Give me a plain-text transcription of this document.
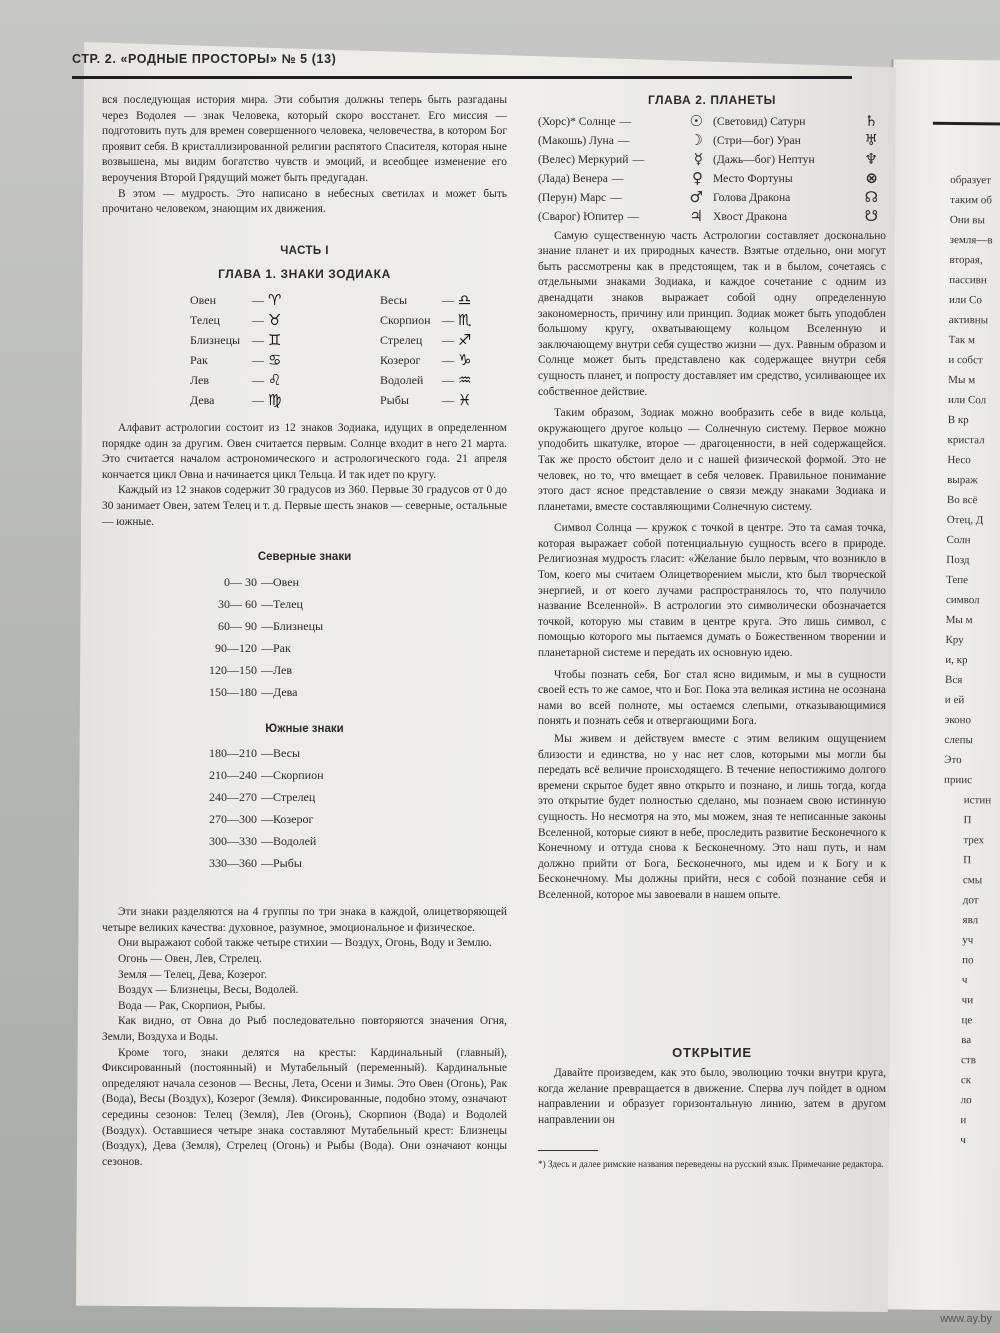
образует
таким об
Они вы
земля—в
вторая,
пассивн
или Со
активны
Так м
и собст
Мы м
или Сол
В кр
кристал
Несо
выраж
Во всё
Отец, Д
Солн
Позд
Тепе
символ
Мы м
Кру
и, кр
Вся
и ей
эконо
слепы
Это
приис
истин
П
трех
П
смы
дот
явл
уч
по
ч
чи
це
ва
ств
ск
ло
и
ч
СТР. 2. «РОДНЫЕ ПРОСТОРЫ» № 5 (13)

вся последующая история мира. Эти события должны теперь быть разгаданы через Водолея — знак Человека, который скоро восстанет. Его миссия — подготовить путь для времен совершенного человека, человечества, в котором Бог проявит себя. В кристаллизированной религии распятого Спасителя, которая ныне возвышена, мы видим богатство чувств и эмоций, и всеобщее изменение его вероучения Второй Грядущий может быть предугадан.

В этом — мудрость. Это написано в небесных светилах и может быть прочитано человеком, знающим их движения.

ЧАСТЬ I
ГЛАВА 1. ЗНАКИ ЗОДИАКА
Овен	— ♈	Весы	— ♎
Телец	— ♉	Скорпион — ♏
Близнецы — ♊	Стрелец	— ♐
Рак	— ♋	Козерог	— ♑
Лев	— ♌	Водолей	— ♒
Дева	— ♍	Рыбы	— ♓

Алфавит астрологии состоит из 12 знаков Зодиака, идущих в определенном порядке один за другим. Овен считается первым. Солнце входит в него 21 марта. Это считается началом астрономического и астрологического года. 21 апреля кончается цикл Овна и начинается цикл Тельца. И так идет по кругу.

Каждый из 12 знаков содержит 30 градусов из 360. Первые 30 градусов от 0 до 30 занимает Овен, затем Телец и т. д. Первые шесть знаков — северные, остальные — южные.

Северные знаки
0— 30 — Овен
30— 60 — Телец
60— 90 — Близнецы
90—120 — Рак
120—150 — Лев
150—180 — Дева
Южные знаки
180—210 — Весы
210—240 — Скорпион
240—270 — Стрелец
270—300 — Козерог
300—330 — Водолей
330—360 — Рыбы

Эти знаки разделяются на 4 группы по три знака в каждой, олицетворяющей четыре великих качества: духовное, разумное, эмоциональное и физическое.

Они выражают собой также четыре стихии — Воздух, Огонь, Воду и Землю.

Огонь — Овен, Лев, Стрелец.

Земля — Телец, Дева, Козерог.

Воздух — Близнецы, Весы, Водолей.

Вода — Рак, Скорпион, Рыбы.

Как видно, от Овна до Рыб последовательно повторяются значения Огня, Земли, Воздуха и Воды.

Кроме того, знаки делятся на кресты: Кардинальный (главный), Фиксированный (постоянный) и Мутабельный (переменный). Кардинальные определяют начала сезонов — Весны, Лета, Осени и Зимы. Это Овен (Огонь), Рак (Вода), Весы (Воздух), Козерог (Земля). Фиксированные, подобно этому, означают середины сезонов: Телец (Земля), Лев (Огонь), Скорпион (Вода) и Водолей (Воздух). Оставшиеся четыре знака составляют Мутабельный крест: Близнецы (Воздух), Дева (Земля), Стрелец (Огонь) и Рыбы (Вода). Они означают концы сезонов.

ГЛАВА 2. ПЛАНЕТЫ
(Хорс)* Солнце —	☉ (Световид) Сатурн	♄
(Макошь) Луна —	☽ (Стри—бог) Уран	♅
(Велес) Меркурий —	☿ (Дажь—бог) Нептун	♆
(Лада) Венера —	♀ Место Фортуны	⊗
(Перун) Марс —	♂ Голова Дракона	☊
(Сварог) Юпитер —	♃ Хвост Дракона	☋

Самую существенную часть Астрологии составляет досконально знание планет и их природных качеств. Взятые отдельно, они могут быть рассмотрены как в предстоящем, так и в былом, сочетаясь с отдельными знаками Зодиака, и каждое сочетание с одним из двенадцати знаков выражает собой одну определенную закономерность, причину или принцип. Зодиак может быть уподоблен большому кругу, охватывающему кольцом Вселенную и заключающему внутри себя существо жизни — дух. Равным образом и Солнце может быть представлено как содержащее внутри себя сущность планет, и попросту доставляет им средство, усиливающее их собственное действие.

Таким образом, Зодиак можно вообразить себе в виде кольца, окружающего другое кольцо — Солнечную систему. Первое можно уподобить шкатулке, второе — драгоценности, в ней содержащейся. Так же просто обстоит дело и с нашей физической формой. Это не человек, но то, что вмещает в себя человек. Правильное понимание этого даст ясное представление о связи между знаками Зодиака и планетами, вместе составляющими Солнечную систему.

Символ Солнца — кружок с точкой в центре. Это та самая точка, которая выражает собой потенциальную сущность всего в природе. Религиозная мудрость гласит: «Желание было первым, что возникло в Том, коего мы считаем Олицетворением мысли, кто был творческой энергией, и от коего лучами распространялось то, что получило название Вселенной». В астрологии это символически обозначается точкой, которую мы ставим в центре круга. Это лишь символ, с помощью которого мы пытаемся думать о Божественном творении и планетарной системе и передать их основную идею.

Чтобы познать себя, Бог стал ясно видимым, и мы в сущности своей есть то же самое, что и Бог. Пока эта великая истина не осознана нами во всей полноте, мы остаемся слепыми, отказывающимися понять и познать себя и отвергающими Бога.

Мы живем и действуем вместе с этим великим ощущением близости и единства, но у нас нет слов, которыми мы могли бы передать всё величие происходящего. В течение непостижимо долгого времени скрытое будет явно открыто и познано, и лишь тогда, когда это открытие будет полностью сделано, мы познаем свою истинную сущность. Но несмотря на это, мы можем, зная те неписанные законы Вселенной, которые сияют в небе, проследить развитие Бесконечного к Конечному и оттуда снова к Бесконечному. Это наш путь, и нам должно прийти от Бога, Бесконечного, мы идем и к Богу и к Бесконечному. Мы должны прийти, неся с собой познание себя и Вселенной, которое мы завоевали в нашем опыте.

ОТКРЫТИЕ

Давайте произведем, как это было, эволюцию точки внутри круга, когда желание превращается в движение. Сперва луч пойдет в одном направлении и образует горизонтальную линию, затем в другом направлении он

*) Здесь и далее римские названия переведены на русский язык. Примечание редактора.
www.ay.by
